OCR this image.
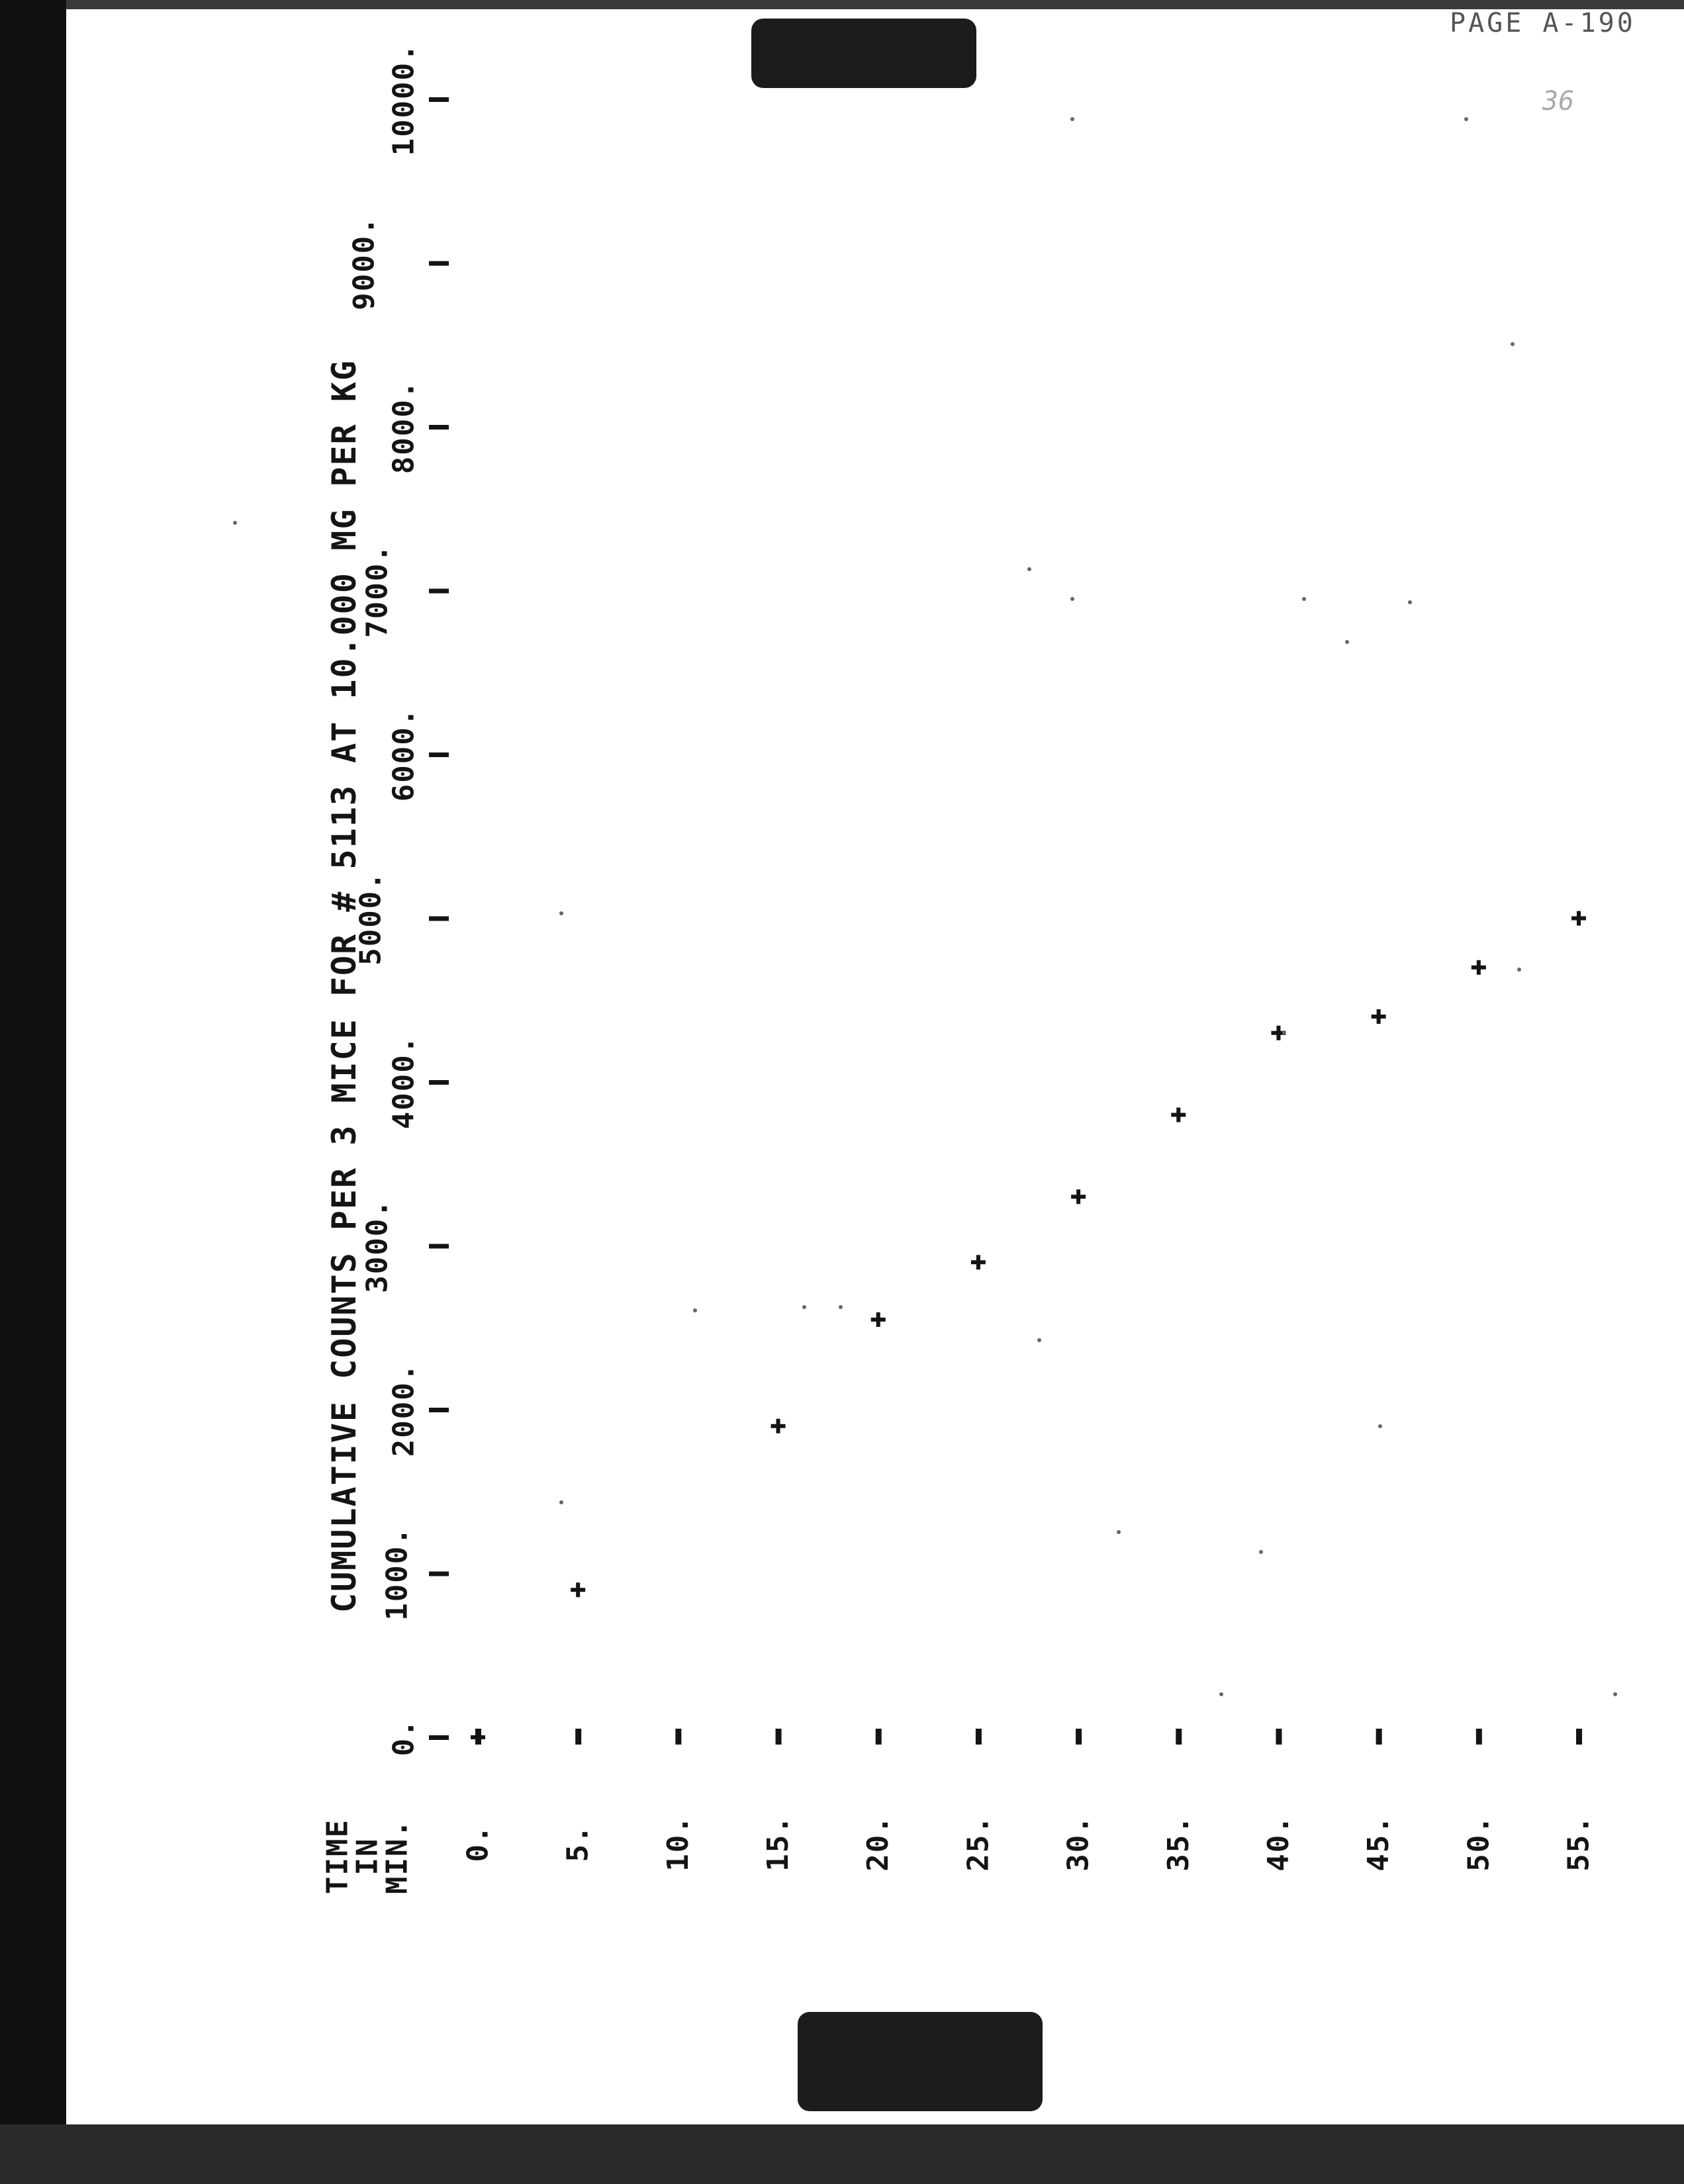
PAGE A-190
36
CUMULATIVE COUNTS PER 3 MICE FOR # 5113 AT 10.000 MG PER KG
TIME
IN
MIN.
0.
1000.
2000.
3000.
4000.
5000.
6000.
7000.
8000.
9000.
10000.
0. 5. 10. 15. 20. 25. 30. 35. 40. 45. 50. 55.
